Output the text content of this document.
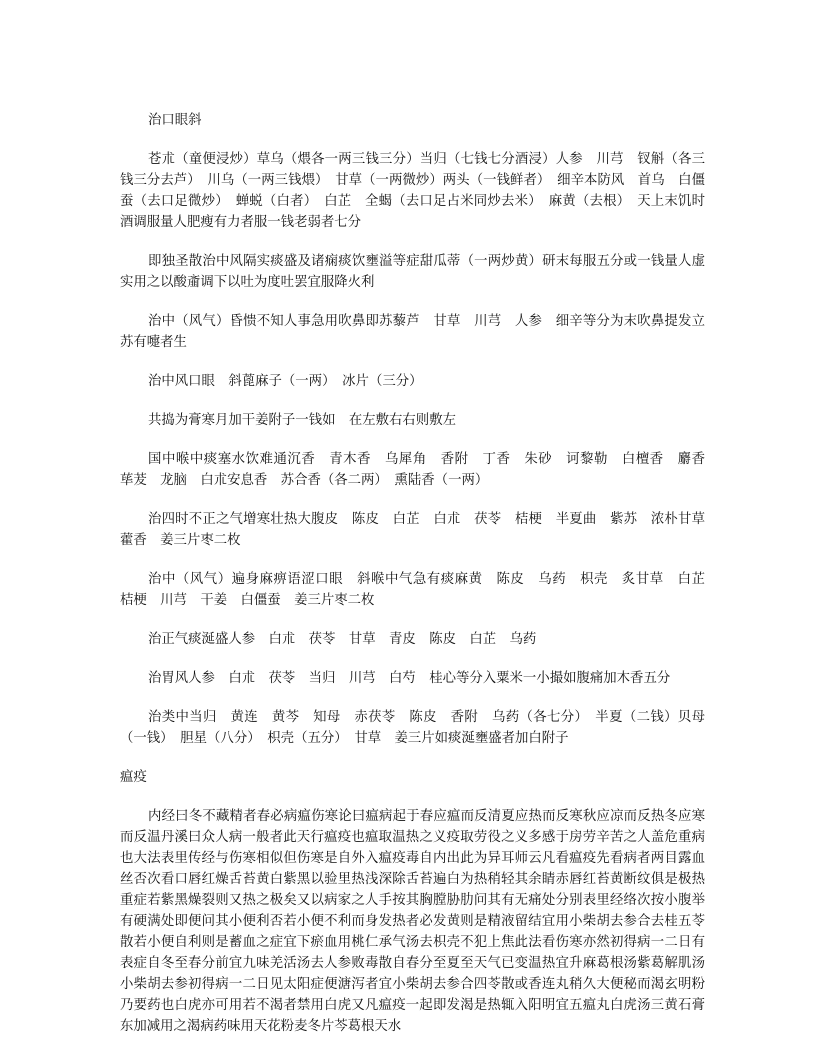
治口眼斜

苍朮（童便浸炒）草乌（煨各一两三钱三分）当归（七钱七分酒浸）人参　川芎　钗斛（各三钱三分去芦）　川乌（一两三钱煨）　甘草（一两微炒）两头（一钱鲜者）　细辛本防风　首乌　白僵蚕（去口足微炒）　蝉蜕（白者）　白芷　全蝎（去口足占米同炒去米）　麻黄（去根）　天上末饥时酒调服量人肥瘦有力者服一钱老弱者七分

即独圣散治中风隔实痰盛及诸痫痰饮壅溢等症甜瓜蒂（一两炒黄）研末每服五分或一钱量人虚实用之以酸齑调下以吐为度吐罢宜服降火利

治中（风气）昏愦不知人事急用吹鼻即苏藜芦　甘草　川芎　人参　细辛等分为末吹鼻提发立苏有嚏者生

治中风口眼　斜蓖麻子（一两）　冰片（三分）

共捣为膏寒月加干姜附子一钱如　在左敷右右则敷左

国中喉中痰塞水饮难通沉香　青木香　乌犀角　香附　丁香　朱砂　诃黎勒　白檀香　麝香　荜茇　龙脑　白朮安息香　苏合香（各二两）　熏陆香（一两）

治四时不正之气增寒壮热大腹皮　陈皮　白芷　白朮　茯苓　桔梗　半夏曲　紫苏　浓朴甘草　藿香　姜三片枣二枚

治中（风气）遍身麻痹语涩口眼　斜喉中气急有痰麻黄　陈皮　乌药　枳壳　炙甘草　白芷　桔梗　川芎　干姜　白僵蚕　姜三片枣二枚

治正气痰涎盛人参　白朮　茯苓　甘草　青皮　陈皮　白芷　乌药

治胃风人参　白朮　茯苓　当归　川芎　白芍　桂心等分入粟米一小撮如腹痛加木香五分

治类中当归　黄连　黄芩　知母　赤茯苓　陈皮　香附　乌药（各七分）　半夏（二钱）贝母（一钱）　胆星（八分）　枳壳（五分）　甘草　姜三片如痰涎壅盛者加白附子

瘟疫

内经曰冬不藏精者春必病瘟伤寒论曰瘟病起于春应瘟而反清夏应热而反寒秋应凉而反热冬应寒而反温丹溪曰众人病一般者此天行瘟疫也瘟取温热之义疫取劳役之义多感于房劳辛苦之人盖危重病也大法表里传经与伤寒相似但伤寒是自外入瘟疫毒自内出此为异耳师云凡看瘟疫先看病者两目露血丝否次看口唇红燥舌苔黄白紫黑以验里热浅深除舌苔遍白为热稍轻其余睛赤唇红苔黄断纹俱是极热重症若紫黑燥裂则又热之极矣又以病家之人手按其胸膛胁肋问其有无痛处分别表里经络次按小腹举有硬满处即便问其小便利否若小便不利而身发热者必发黄则是精液留结宜用小柴胡去参合去桂五苓散若小便自利则是蓄血之症宜下瘀血用桃仁承气汤去枳壳不犯上焦此法看伤寒亦然初得病一二日有表症自冬至春分前宜九味羌活汤去人参败毒散自春分至夏至天气已变温热宜升麻葛根汤紫葛解肌汤小柴胡去参初得病一二日见太阳症便溏泻者宜小柴胡去参合四苓散或香连丸稍久大便秘而渴玄明粉乃要药也白虎亦可用若不渴者禁用白虎又凡瘟疫一起即发渴是热辄入阳明宜五瘟丸白虎汤三黄石膏东加减用之渴病药味用天花粉麦冬片芩葛根天水
